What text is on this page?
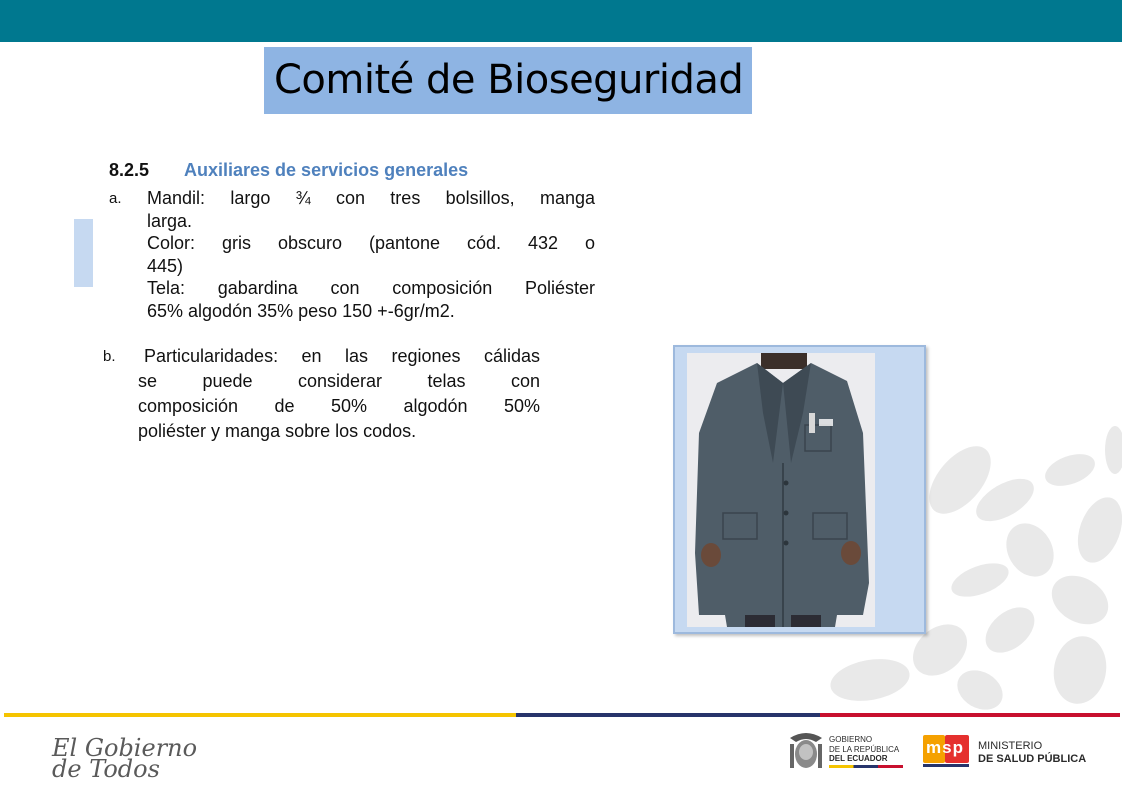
Comité de Bioseguridad
8.2.5 Auxiliares de servicios generales
a. Mandil: largo ¾ con tres bolsillos, manga
larga.
Color: gris obscuro (pantone cód. 432 o
445)
Tela: gabardina con composición Poliéster
65% algodón 35% peso 150 +-6gr/m2.
b. Particularidades: en las regiones cálidas
se puede considerar telas con
composición de 50% algodón 50%
poliéster y manga sobre los codos.
El Gobierno
de Todos
GOBIERNO
DE LA REPÚBLICA
DEL ECUADOR
msp MINISTERIO
DE SALUD PÚBLICA
